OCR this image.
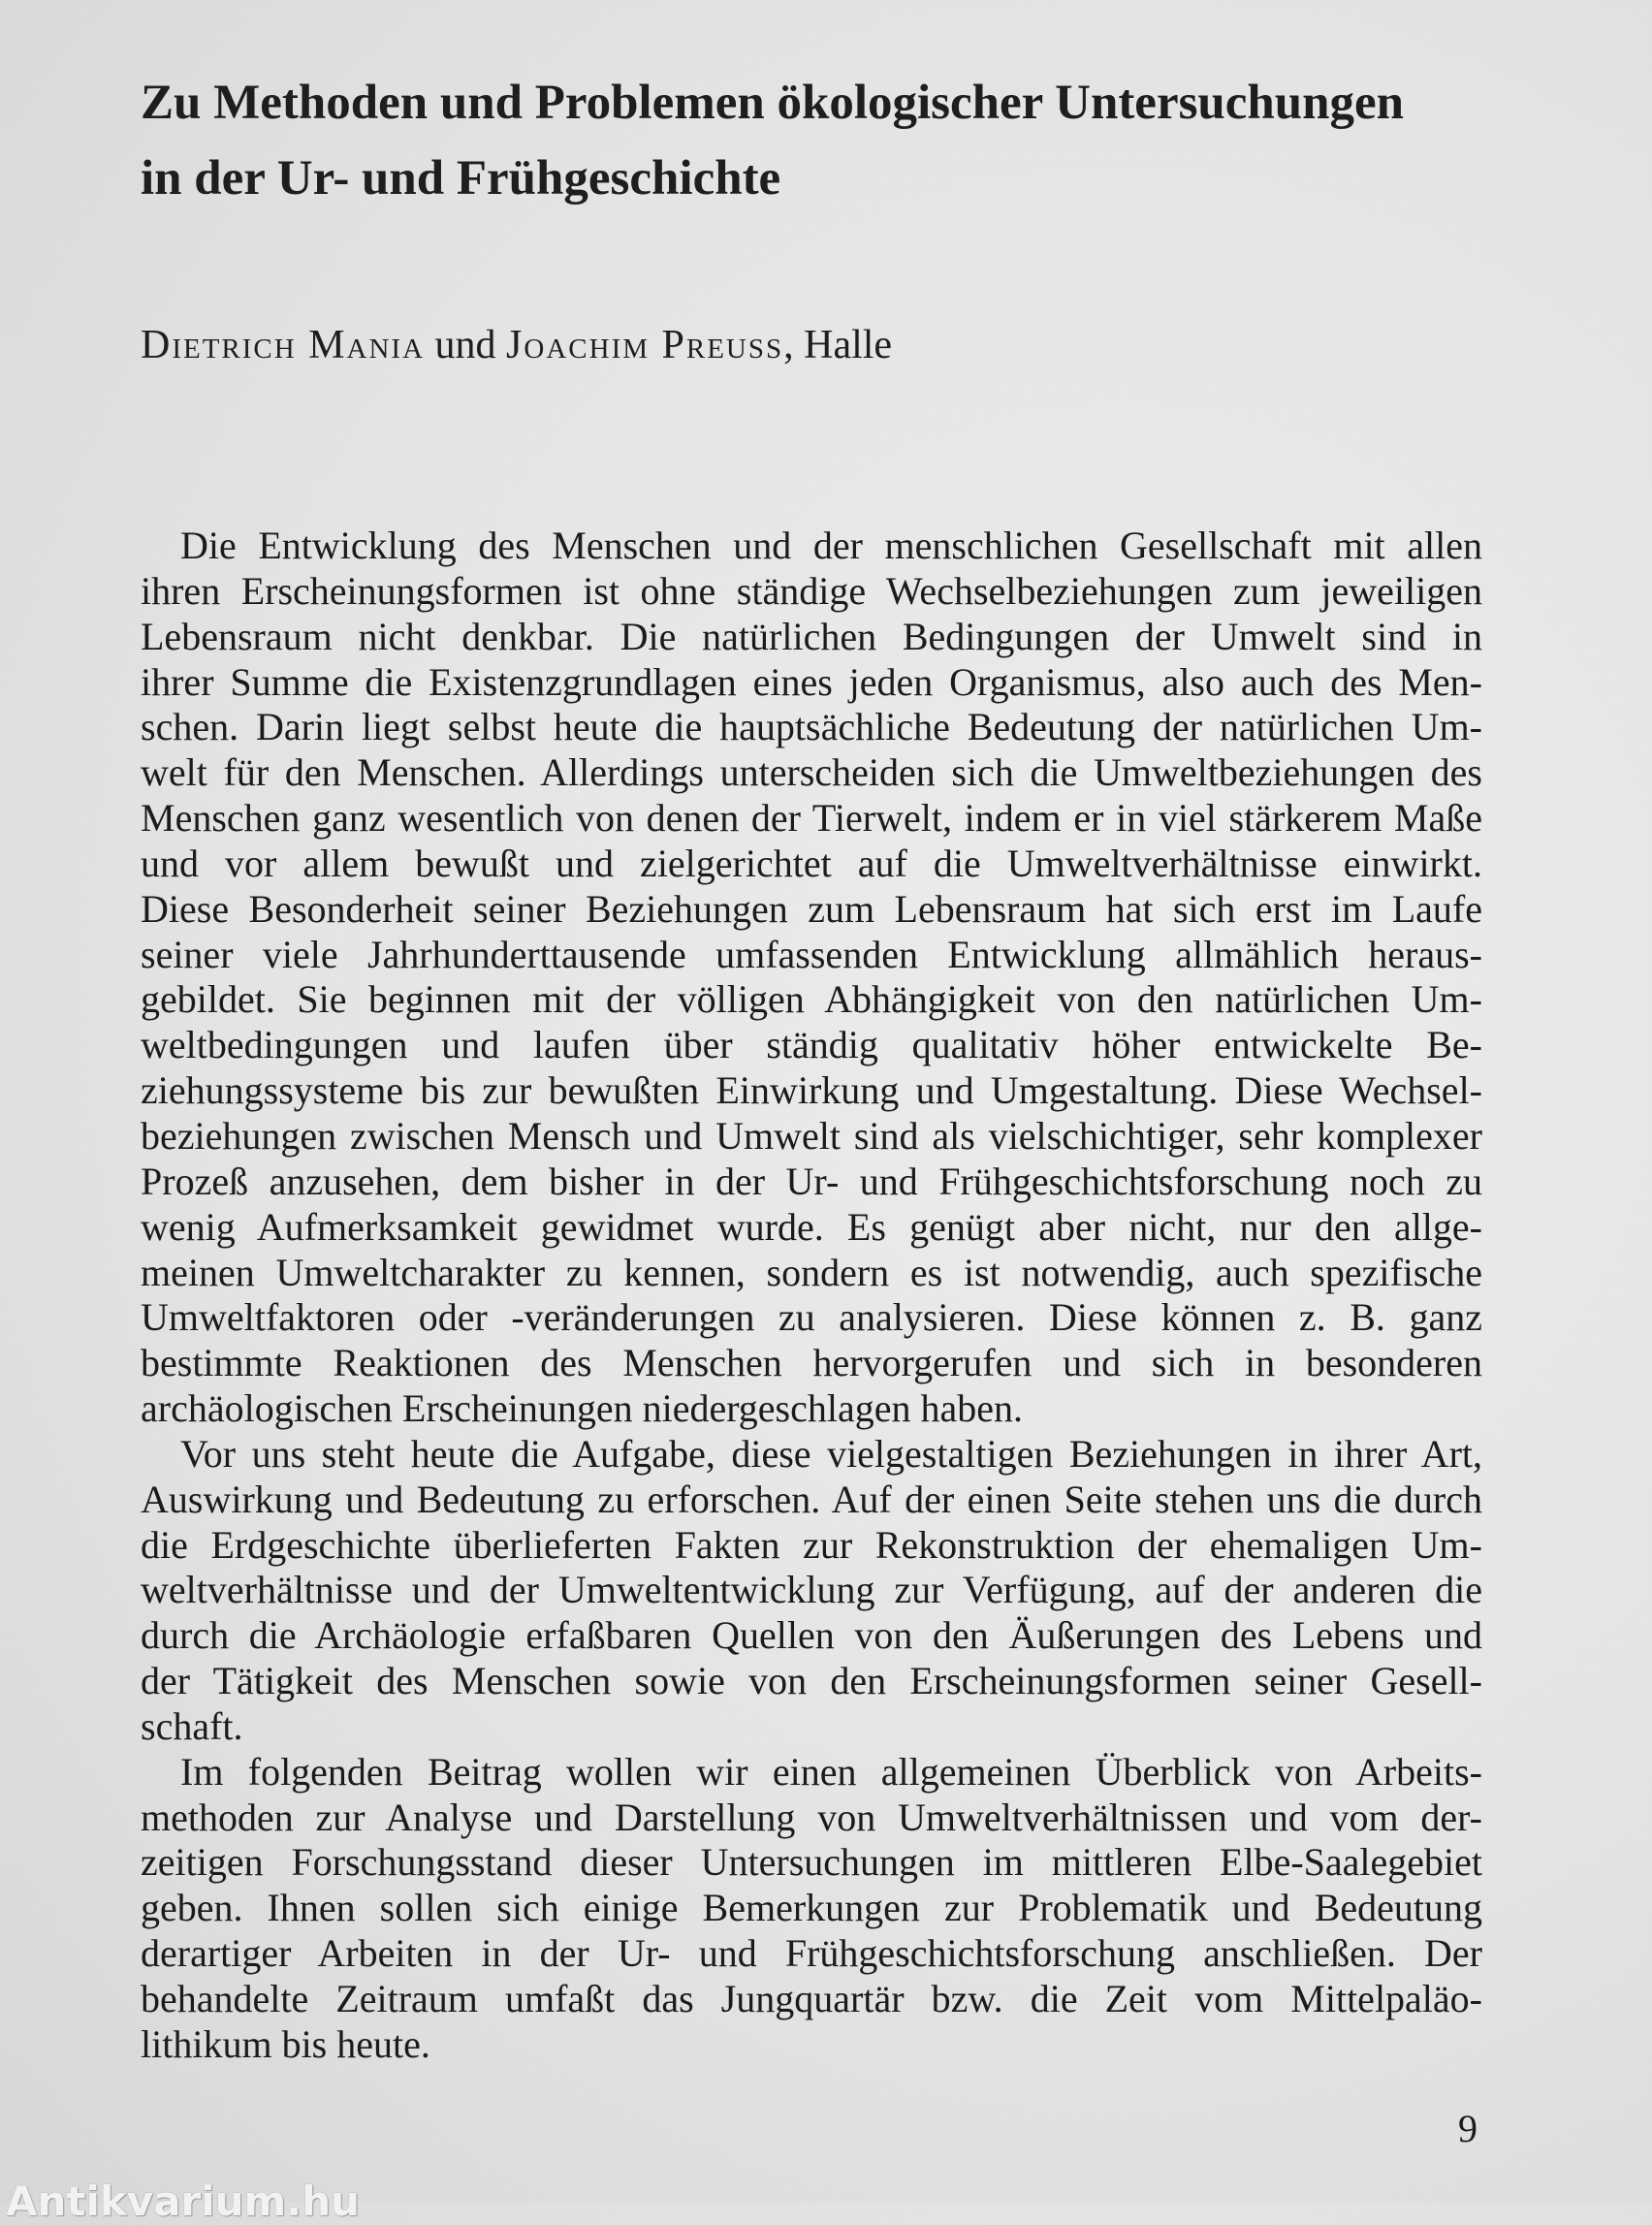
Zu Methoden und Problemen ökologischer Untersuchungen
in der Ur- und Frühgeschichte
Dietrich Mania und Joachim Preuss, Halle
Die Entwicklung des Menschen und der menschlichen Gesellschaft mit allen
ihren Erscheinungsformen ist ohne ständige Wechselbeziehungen zum jeweiligen
Lebensraum nicht denkbar. Die natürlichen Bedingungen der Umwelt sind in
ihrer Summe die Existenzgrundlagen eines jeden Organismus, also auch des Men-
schen. Darin liegt selbst heute die hauptsächliche Bedeutung der natürlichen Um-
welt für den Menschen. Allerdings unterscheiden sich die Umweltbeziehungen des
Menschen ganz wesentlich von denen der Tierwelt, indem er in viel stärkerem Maße
und vor allem bewußt und zielgerichtet auf die Umweltverhältnisse einwirkt.
Diese Besonderheit seiner Beziehungen zum Lebensraum hat sich erst im Laufe
seiner viele Jahrhunderttausende umfassenden Entwicklung allmählich heraus-
gebildet. Sie beginnen mit der völligen Abhängigkeit von den natürlichen Um-
weltbedingungen und laufen über ständig qualitativ höher entwickelte Be-
ziehungssysteme bis zur bewußten Einwirkung und Umgestaltung. Diese Wechsel-
beziehungen zwischen Mensch und Umwelt sind als vielschichtiger, sehr komplexer
Prozeß anzusehen, dem bisher in der Ur- und Frühgeschichtsforschung noch zu
wenig Aufmerksamkeit gewidmet wurde. Es genügt aber nicht, nur den allge-
meinen Umweltcharakter zu kennen, sondern es ist notwendig, auch spezifische
Umweltfaktoren oder -veränderungen zu analysieren. Diese können z. B. ganz
bestimmte Reaktionen des Menschen hervorgerufen und sich in besonderen
archäologischen Erscheinungen niedergeschlagen haben.
Vor uns steht heute die Aufgabe, diese vielgestaltigen Beziehungen in ihrer Art,
Auswirkung und Bedeutung zu erforschen. Auf der einen Seite stehen uns die durch
die Erdgeschichte überlieferten Fakten zur Rekonstruktion der ehemaligen Um-
weltverhältnisse und der Umweltentwicklung zur Verfügung, auf der anderen die
durch die Archäologie erfaßbaren Quellen von den Äußerungen des Lebens und
der Tätigkeit des Menschen sowie von den Erscheinungsformen seiner Gesell-
schaft.
Im folgenden Beitrag wollen wir einen allgemeinen Überblick von Arbeits-
methoden zur Analyse und Darstellung von Umweltverhältnissen und vom der-
zeitigen Forschungsstand dieser Untersuchungen im mittleren Elbe-Saalegebiet
geben. Ihnen sollen sich einige Bemerkungen zur Problematik und Bedeutung
derartiger Arbeiten in der Ur- und Frühgeschichtsforschung anschließen. Der
behandelte Zeitraum umfaßt das Jungquartär bzw. die Zeit vom Mittelpaläo-
lithikum bis heute.
9
Antikvarium.hu
